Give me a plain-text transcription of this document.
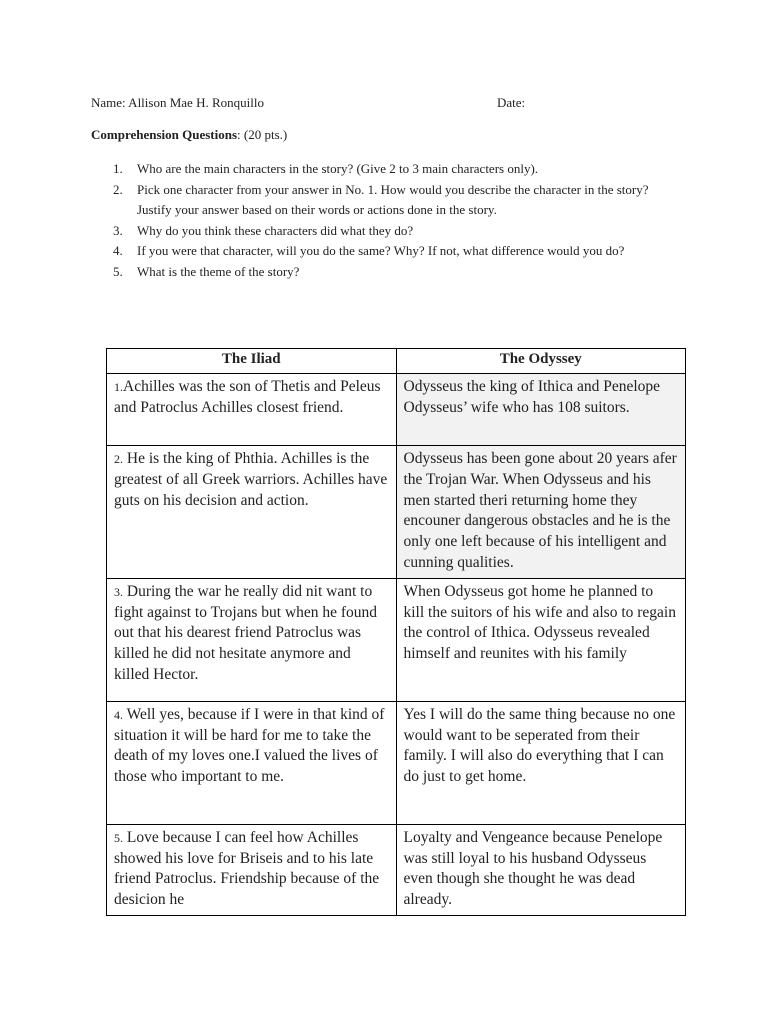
Name: Allison Mae H. Ronquillo	Date:
Comprehension Questions: (20 pts.)
1. Who are the main characters in the story? (Give 2 to 3 main characters only).
2. Pick one character from your answer in No. 1. How would you describe the character in the story? Justify your answer based on their words or actions done in the story.
3. Why do you think these characters did what they do?
4. If you were that character, will you do the same? Why? If not, what difference would you do?
5. What is the theme of the story?
The Iliad	The Odyssey
1.Achilles was the son of Thetis and Peleus and Patroclus Achilles closest friend.	Odysseus the king of Ithica and Penelope Odysseus’ wife who has 108 suitors.
2. He is the king of Phthia. Achilles is the greatest of all Greek warriors. Achilles have guts on his decision and action.	Odysseus has been gone about 20 years afer the Trojan War. When Odysseus and his men started theri returning home they encouner dangerous obstacles and he is the only one left because of his intelligent and cunning qualities.
3. During the war he really did nit want to fight against to Trojans but when he found out that his dearest friend Patroclus was killed he did not hesitate anymore and killed Hector.	When Odysseus got home he planned to kill the suitors of his wife and also to regain the control of Ithica. Odysseus revealed himself and reunites with his family
4. Well yes, because if I were in that kind of situation it will be hard for me to take the death of my loves one.I valued the lives of those who important to me.	Yes I will do the same thing because no one would want to be seperated from their family. I will also do everything that I can do just to get home.
5. Love because I can feel how Achilles showed his love for Briseis and to his late friend Patroclus. Friendship because of the desicion he	Loyalty and Vengeance because Penelope was still loyal to his husband Odysseus even though she thought he was dead already.
